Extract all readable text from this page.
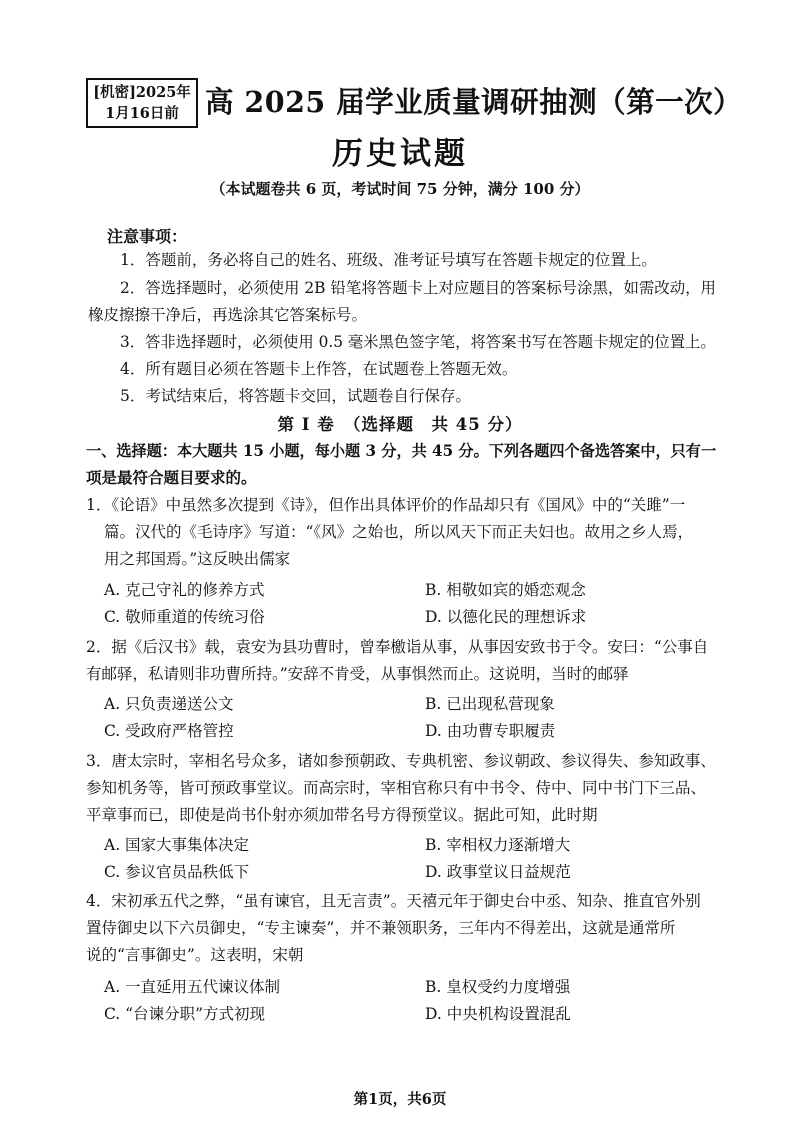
[机密]2025年
1月16日前 高 2025 届学业质量调研抽测（第一次）
历史试题
（本试题卷共 6 页，考试时间 75 分钟，满分 100 分）
注意事项：
1．答题前，务必将自己的姓名、班级、准考证号填写在答题卡规定的位置上。
2．答选择题时，必须使用 2B 铅笔将答题卡上对应题目的答案标号涂黑，如需改动，用
橡皮擦擦干净后，再选涂其它答案标号。
3．答非选择题时，必须使用 0.5 毫米黑色签字笔，将答案书写在答题卡规定的位置上。
4．所有题目必须在答题卡上作答，在试题卷上答题无效。
5．考试结束后，将答题卡交回，试题卷自行保存。
第 I 卷　（选择题　共 45 分）
一、选择题：本大题共 15 小题，每小题 3 分，共 45 分。下列各题四个备选答案中，只有一
项是最符合题目要求的。
1．《论语》中虽然多次提到《诗》，但作出具体评价的作品却只有《国风》中的“关雎”一
篇。汉代的《毛诗序》写道：“《风》之始也，所以风天下而正夫妇也。故用之乡人焉，
用之邦国焉。”这反映出儒家
A. 克己守礼的修养方式	B. 相敬如宾的婚恋观念
C. 敬师重道的传统习俗	D. 以德化民的理想诉求
2．据《后汉书》载，袁安为县功曹时，曾奉檄诣从事，从事因安致书于令。安曰：“公事自
有邮驿，私请则非功曹所持。”安辞不肯受，从事惧然而止。这说明，当时的邮驿
A. 只负责递送公文	B. 已出现私营现象
C. 受政府严格管控	D. 由功曹专职履责
3．唐太宗时，宰相名号众多，诸如参预朝政、专典机密、参议朝政、参议得失、参知政事、
参知机务等，皆可预政事堂议。而高宗时，宰相官称只有中书令、侍中、同中书门下三品、
平章事而已，即使是尚书仆射亦须加带名号方得预堂议。据此可知，此时期
A. 国家大事集体决定	B. 宰相权力逐渐增大
C. 参议官员品秩低下	D. 政事堂议日益规范
4．宋初承五代之弊，“虽有谏官，且无言责”。天禧元年于御史台中丞、知杂、推直官外别
置侍御史以下六员御史，“专主谏奏”，并不兼领职务，三年内不得差出，这就是通常所
说的“言事御史”。这表明，宋朝
A. 一直延用五代谏议体制	B. 皇权受约力度增强
C. “台谏分职”方式初现	D. 中央机构设置混乱
第1页，共6页
